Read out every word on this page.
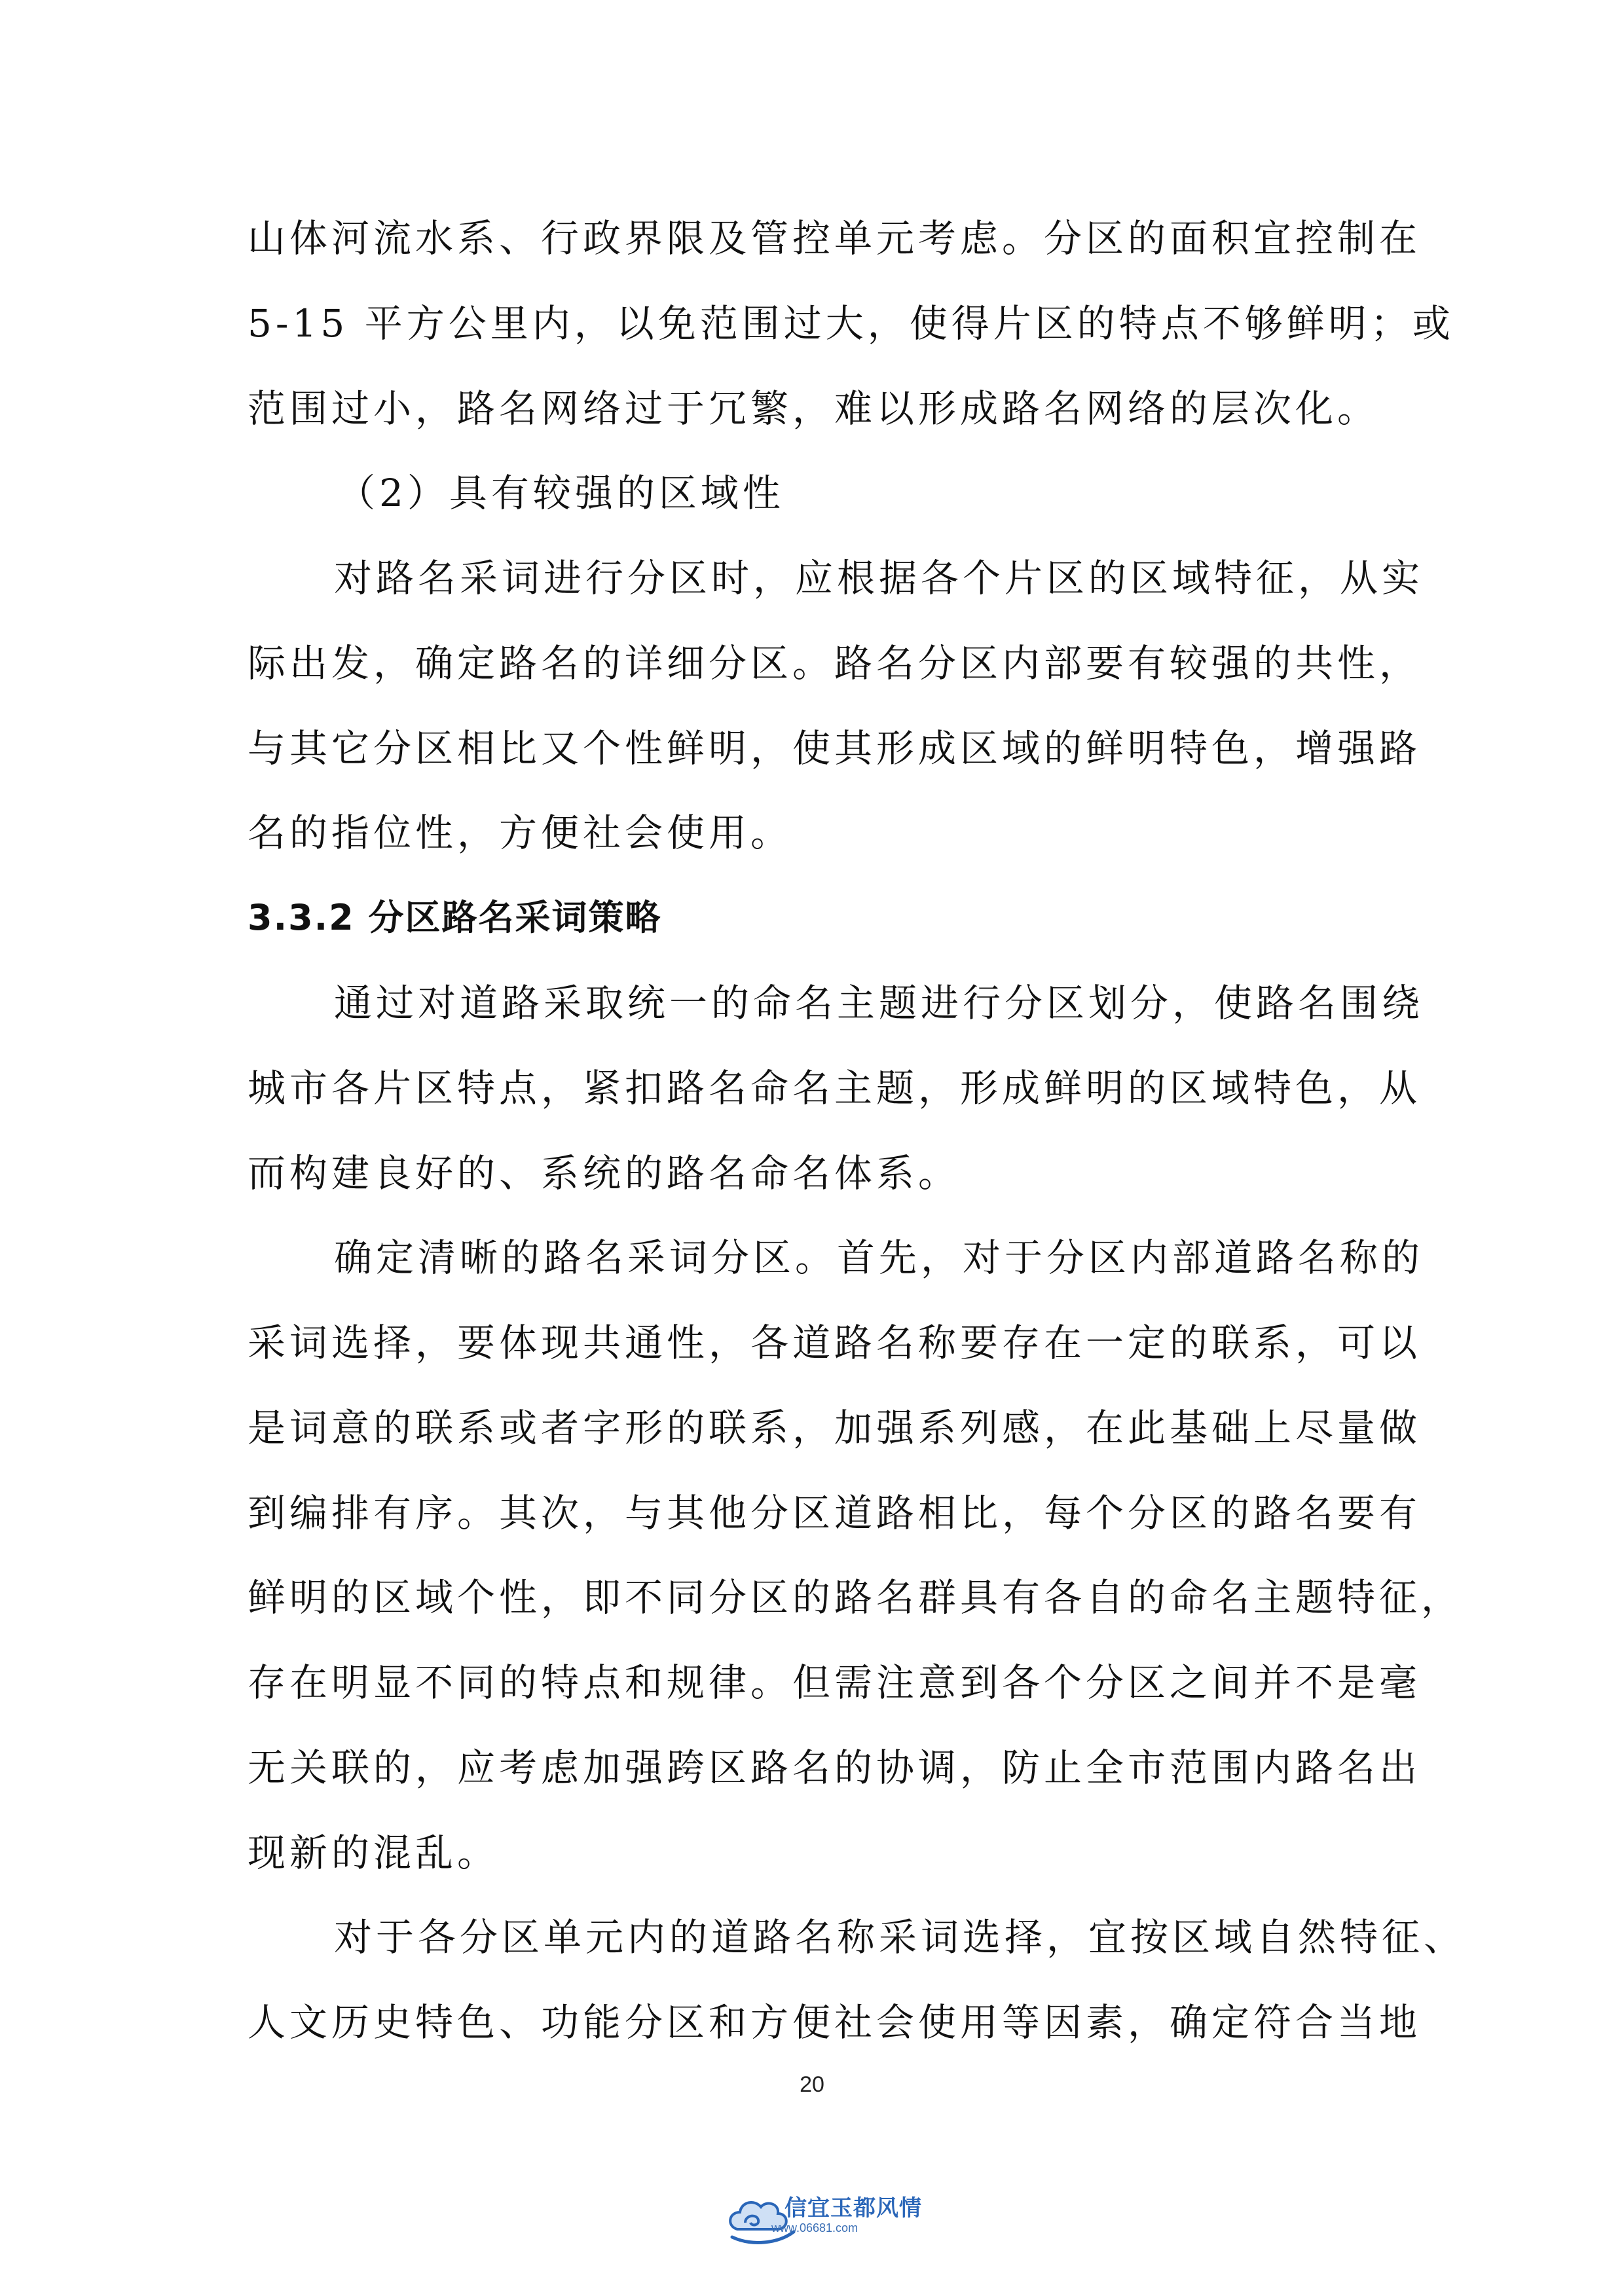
山体河流水系、行政界限及管控单元考虑。分区的面积宜控制在
5-15 平方公里内，以免范围过大，使得片区的特点不够鲜明；或
范围过小，路名网络过于冗繁，难以形成路名网络的层次化。
（2）具有较强的区域性
对路名采词进行分区时，应根据各个片区的区域特征，从实
际出发，确定路名的详细分区。路名分区内部要有较强的共性，
与其它分区相比又个性鲜明，使其形成区域的鲜明特色，增强路
名的指位性，方便社会使用。
3.3.2 分区路名采词策略
通过对道路采取统一的命名主题进行分区划分，使路名围绕
城市各片区特点，紧扣路名命名主题，形成鲜明的区域特色，从
而构建良好的、系统的路名命名体系。
确定清晰的路名采词分区。首先，对于分区内部道路名称的
采词选择，要体现共通性，各道路名称要存在一定的联系，可以
是词意的联系或者字形的联系，加强系列感，在此基础上尽量做
到编排有序。其次，与其他分区道路相比，每个分区的路名要有
鲜明的区域个性，即不同分区的路名群具有各自的命名主题特征，
存在明显不同的特点和规律。但需注意到各个分区之间并不是毫
无关联的，应考虑加强跨区路名的协调，防止全市范围内路名出
现新的混乱。
对于各分区单元内的道路名称采词选择，宜按区域自然特征、
人文历史特色、功能分区和方便社会使用等因素，确定符合当地
20
信宜玉都风情
www.06681.com
